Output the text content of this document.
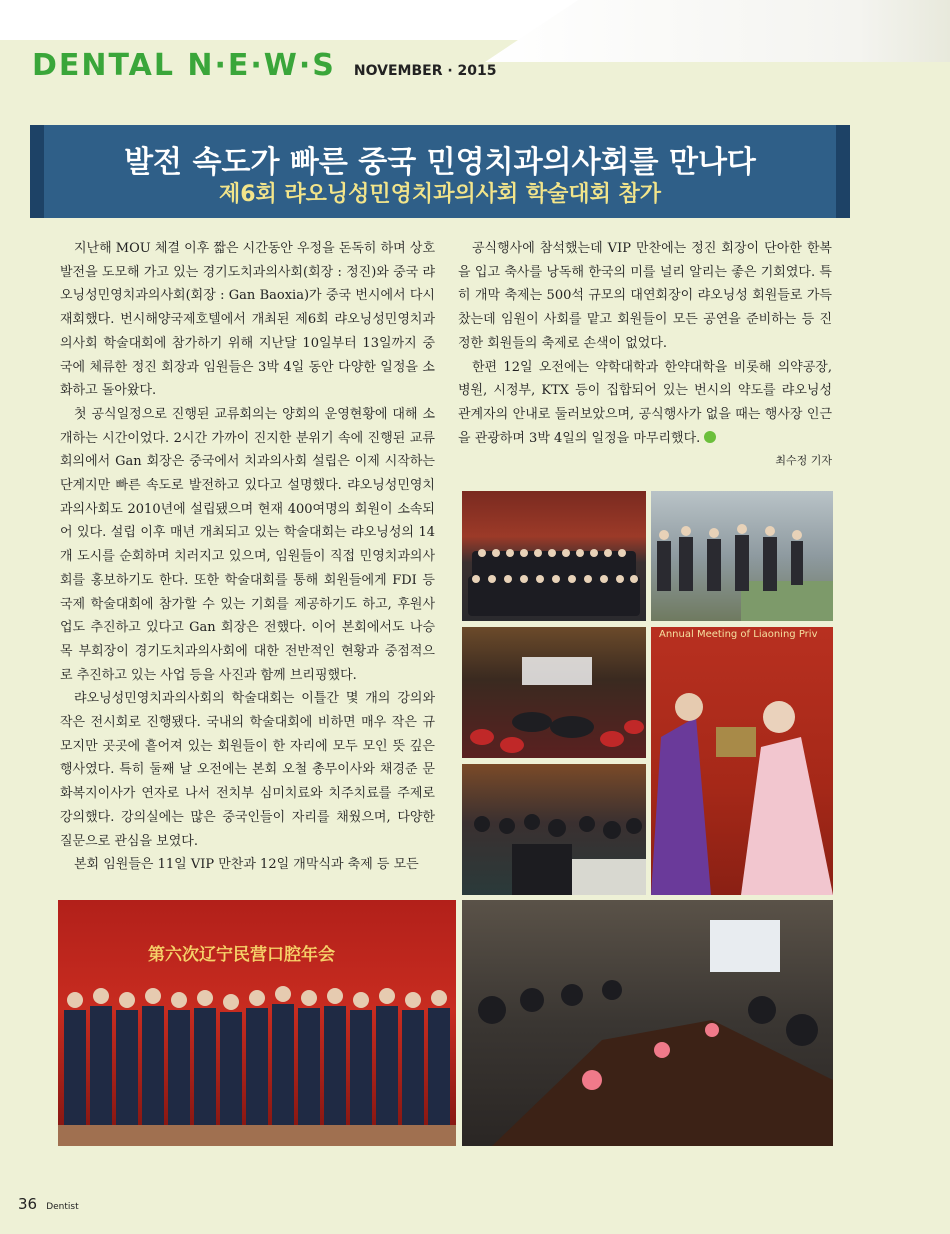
DENTAL N·E·W·S NOVEMBER · 2015
발전 속도가 빠른 중국 민영치과의사회를 만나다
제6회 랴오닝성민영치과의사회 학술대회 참가

지난해 MOU 체결 이후 짧은 시간동안 우정을 돈독히 하며 상호 발전을 도모해 가고 있는 경기도치과의사회(회장 : 정진)와 중국 랴오닝성민영치과의사회(회장 : Gan Baoxia)가 중국 번시에서 다시 재회했다. 번시해양국제호텔에서 개최된 제6회 랴오닝성민영치과의사회 학술대회에 참가하기 위해 지난달 10일부터 13일까지 중국에 체류한 정진 회장과 임원들은 3박 4일 동안 다양한 일정을 소화하고 돌아왔다.

첫 공식일정으로 진행된 교류회의는 양회의 운영현황에 대해 소개하는 시간이었다. 2시간 가까이 진지한 분위기 속에 진행된 교류회의에서 Gan 회장은 중국에서 치과의사회 설립은 이제 시작하는 단계지만 빠른 속도로 발전하고 있다고 설명했다. 랴오닝성민영치과의사회도 2010년에 설립됐으며 현재 400여명의 회원이 소속되어 있다. 설립 이후 매년 개최되고 있는 학술대회는 랴오닝성의 14개 도시를 순회하며 치러지고 있으며, 임원들이 직접 민영치과의사회를 홍보하기도 한다. 또한 학술대회를 통해 회원들에게 FDI 등 국제 학술대회에 참가할 수 있는 기회를 제공하기도 하고, 후원사업도 추진하고 있다고 Gan 회장은 전했다. 이어 본회에서도 나승목 부회장이 경기도치과의사회에 대한 전반적인 현황과 중점적으로 추진하고 있는 사업 등을 사진과 함께 브리핑했다.

랴오닝성민영치과의사회의 학술대회는 이틀간 몇 개의 강의와 작은 전시회로 진행됐다. 국내의 학술대회에 비하면 매우 작은 규모지만 곳곳에 흩어져 있는 회원들이 한 자리에 모두 모인 뜻 깊은 행사였다. 특히 둘째 날 오전에는 본회 오철 총무이사와 채경준 문화복지이사가 연자로 나서 전치부 심미치료와 치주치료를 주제로 강의했다. 강의실에는 많은 중국인들이 자리를 채웠으며, 다양한 질문으로 관심을 보였다.

본회 임원들은 11일 VIP 만찬과 12일 개막식과 축제 등 모든

공식행사에 참석했는데 VIP 만찬에는 정진 회장이 단아한 한복을 입고 축사를 낭독해 한국의 미를 널리 알리는 좋은 기회였다. 특히 개막 축제는 500석 규모의 대연회장이 랴오닝성 회원들로 가득 찼는데 임원이 사회를 맡고 회원들이 모든 공연을 준비하는 등 진정한 회원들의 축제로 손색이 없었다.

한편 12일 오전에는 약학대학과 한약대학을 비롯해 의약공장, 병원, 시정부, KTX 등이 집합되어 있는 번시의 약도를 랴오닝성 관계자의 안내로 둘러보았으며, 공식행사가 없을 때는 행사장 인근을 관광하며 3박 4일의 일정을 마무리했다.

최수정 기자
Annual Meeting of Liaoning Priv
第六次辽宁民营口腔年会
36 Dentist
